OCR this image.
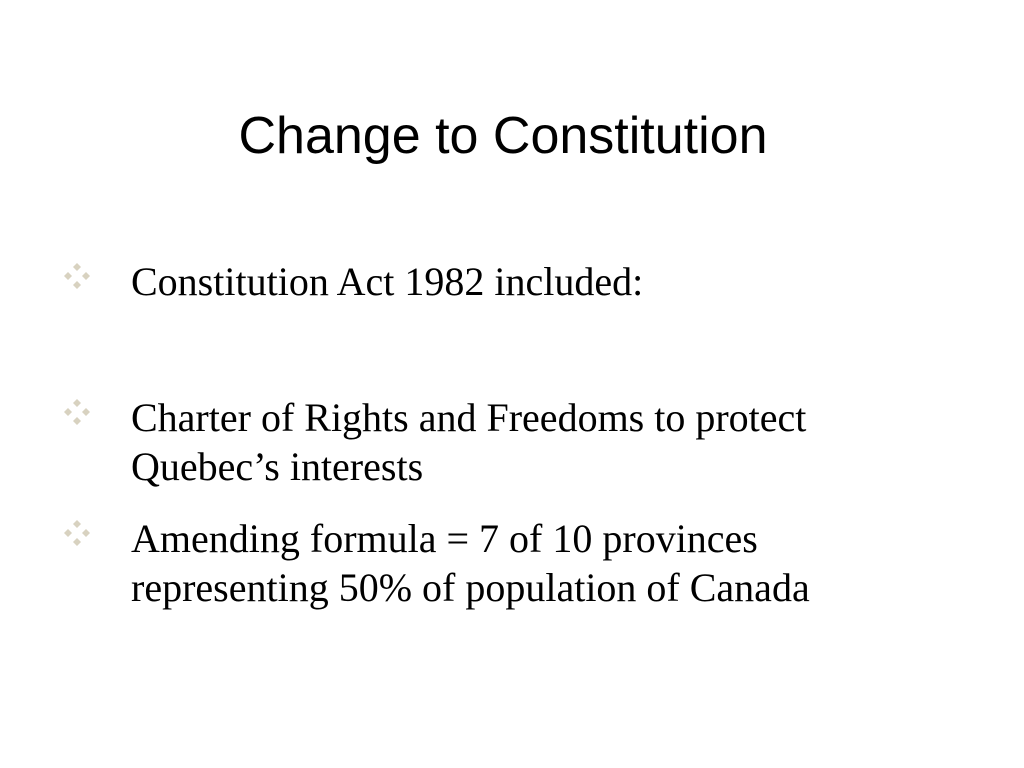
Change to Constitution
Constitution Act 1982 included:
Charter of Rights and Freedoms to protect
Quebec’s interests
Amending formula = 7 of 10 provinces
representing 50% of population of Canada
